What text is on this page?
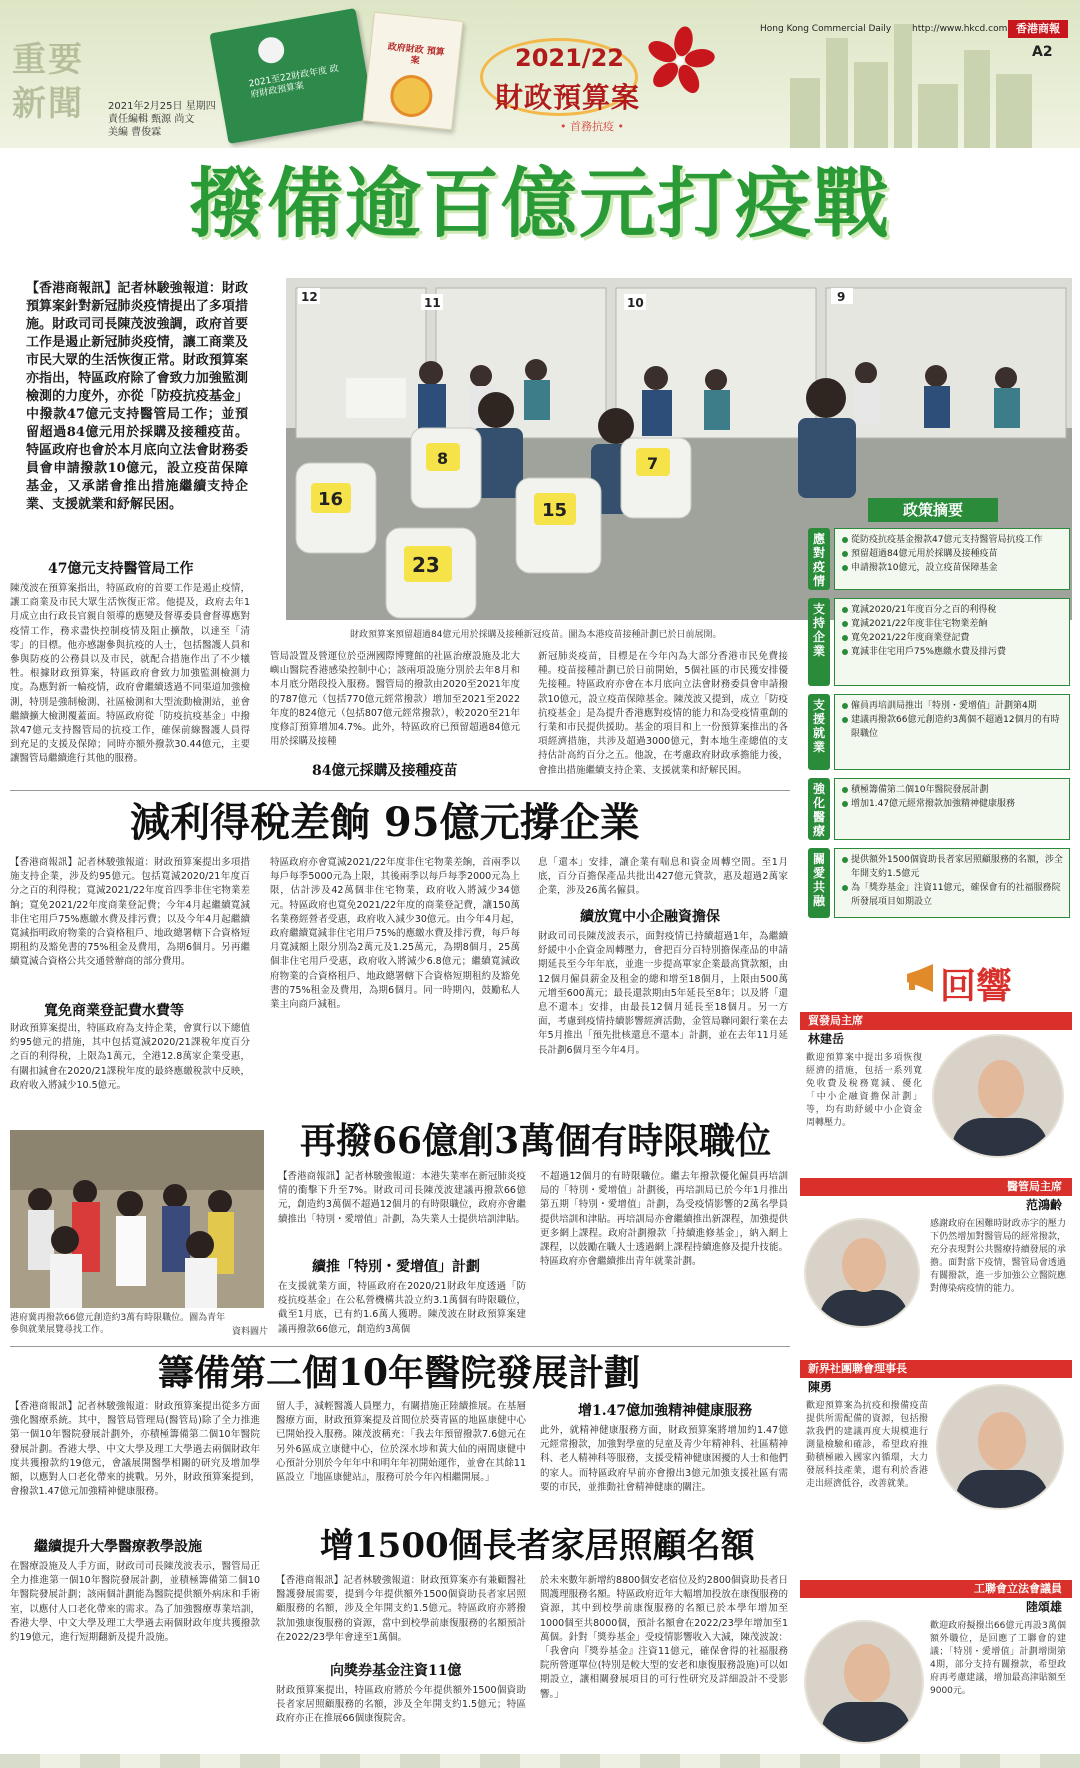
重要新聞	2021年2月25日 星期四
責任編輯 甄源 尚文
美編 曹俊霖
2021至22財政年度 政府財政預算案
政府財政 預算案	2021/22
財政預算案
• 首務抗疫 •
Hong Kong Commercial Daily http://www.hkcd.com 香港商報
A2
撥備逾百億元打疫戰
【香港商報訊】記者林駿強報道：財政預算案針對新冠肺炎疫情提出了多項措施。財政司司長陳茂波強調，政府首要工作是遏止新冠肺炎疫情，讓工商業及市民大眾的生活恢復正常。財政預算案亦指出，特區政府除了會致力加強監測檢測的力度外，亦從「防疫抗疫基金」中撥款47億元支持醫管局工作；並預留超過84億元用於採購及接種疫苗。特區政府也會於本月底向立法會財務委員會申請撥款10億元，設立疫苗保障基金，又承諾會推出措施繼續支持企業、支援就業和紓解民困。
12	11	10	9
16
8
15
7
23
財政預算案預留超過84億元用於採購及接種新冠疫苗。圖為本港疫苗接種計劃已於日前展開。
47億元支持醫管局工作
陳茂波在預算案指出，特區政府的首要工作是遏止疫情，讓工商業及市民大眾生活恢復正常。他提及，政府去年1月成立由行政長官親自領導的應變及督導委員會督導應對疫情工作，務求盡快控制疫情及阻止擴散，以達至「清零」的目標。他亦感謝參與抗疫的人士，包括醫護人員和參與防疫的公務員以及市民，就配合措施作出了不少犧牲。根據財政預算案，特區政府會致力加強監測檢測力度。為應對新一輪疫情，政府會繼續透過不同渠道加強檢測，特別是強制檢測、社區檢測和大型流動檢測站，並會繼續擴大檢測覆蓋面。特區政府從「防疫抗疫基金」中撥款47億元支持醫管局的抗疫工作，確保前線醫護人員得到充足的支援及保障；同時亦額外撥款30.44億元，主要讓醫管局繼續進行其他的服務。
管局設置及營運位於亞洲國際博覽館的社區治療設施及北大嶼山醫院香港感染控制中心；該兩項設施分別於去年8月和本月底分階段投入服務。醫管局的撥款由2020至2021年度的787億元（包括770億元經常撥款）增加至2021至2022年度的824億元（包括807億元經常撥款），較2020至21年度修訂預算增加4.7%。此外，特區政府已預留超過84億元用於採購及接種
84億元採購及接種疫苗
新冠肺炎疫苗，目標是在今年內為大部分香港市民免費接種。疫苗接種計劃已於日前開始，5個社區的市民獲安排優先接種。特區政府亦會在本月底向立法會財務委員會申請撥款10億元，設立疫苗保障基金。陳茂波又提到，成立「防疫抗疫基金」是為提升香港應對疫情的能力和為受疫情重創的行業和市民提供援助。基金的項目和上一份預算案推出的各項經濟措施，共涉及超過3000億元，對本地生產總值的支持估計高約百分之五。他說，在考慮政府財政承擔能力後，會推出措施繼續支持企業、支援就業和紓解民困。
減利得稅差餉 95億元撐企業
【香港商報訊】記者林駿強報道：財政預算案提出多項措施支持企業，涉及約95億元。包括寬減2020/21年度百分之百的利得稅；寬減2021/22年度首四季非住宅物業差餉；寬免2021/22年度商業登記費；今年4月起繼續寬減非住宅用戶75%應繳水費及排污費；以及今年4月起繼續寬減指明政府物業的合資格租戶、地政總署轄下合資格短期租約及豁免書的75%租金及費用，為期6個月。另再繼續寬減合資格公共交通營辦商的部分費用。
寬免商業登記費水費等
財政預算案提出，特區政府為支持企業，會實行以下總值約95億元的措施，其中包括寬減2020/21課稅年度百分之百的利得稅，上限為1萬元，全港12.8萬家企業受惠，有關扣減會在2020/21課稅年度的最終應繳稅款中反映，政府收入將減少10.5億元。
特區政府亦會寬減2021/22年度非住宅物業差餉，首兩季以每戶每季5000元為上限，其後兩季以每戶每季2000元為上限，估計涉及42萬個非住宅物業，政府收入將減少34億元。特區政府也寬免2021/22年度的商業登記費，讓150萬名業務經營者受惠，政府收入減少30億元。由今年4月起，政府繼續寬減非住宅用戶75%的應繳水費及排污費，每戶每月寬減額上限分別為2萬元及1.25萬元，為期8個月，25萬個非住宅用戶受惠，政府收入將減少6.8億元；繼續寬減政府物業的合資格租戶、地政總署轄下合資格短期租約及豁免書的75%租金及費用，為期6個月。同一時期內，鼓勵私人業主向商戶減租。
息「還本」安排，讓企業有喘息和資金周轉空間。至1月底，百分百擔保產品共批出427億元貸款，惠及超過2萬家企業，涉及26萬名僱員。
續放寬中小企融資擔保
財政司司長陳茂波表示，面對疫情已持續超過1年，為繼續紓緩中小企資金周轉壓力，會把百分百特別擔保產品的申請期延長至今年年底，並進一步提高單家企業最高貸款額，由12個月僱員薪金及租金的總和增至18個月，上限由500萬元增至600萬元；最長還款期由5年延長至8年；以及將「還息不還本」安排，由最長12個月延長至18個月。另一方面，考慮到疫情持續影響經濟活動，金管局聯同銀行業在去年5月推出「預先批核還息不還本」計劃，並在去年11月延長計劃6個月至今年4月。
港府冀再撥款66億元創造約3萬有時限職位。圖為青年參與就業展覽尋找工作。	資料圖片
再撥66億創3萬個有時限職位
【香港商報訊】記者林駿強報道：本港失業率在新冠肺炎疫情的衝擊下升至7%。財政司司長陳茂波建議再撥款66億元，創造約3萬個不超過12個月的有時限職位，政府亦會繼續推出「特別・愛增值」計劃，為失業人士提供培訓津貼。
續推「特別・愛增值」計劃
在支援就業方面，特區政府在2020/21財政年度透過「防疫抗疫基金」在公私營機構共設立約3.1萬個有時限職位，截至1月底，已有約1.6萬人獲聘。陳茂波在財政預算案建議再撥款66億元，創造約3萬個
不超過12個月的有時限職位。繼去年撥款優化僱員再培訓局的「特別・愛增值」計劃後，再培訓局已於今年1月推出第五期「特別・愛增值」計劃，為受疫情影響的2萬名學員提供培訓和津貼。再培訓局亦會繼續推出新課程，加強提供更多網上課程。政府計劃撥款「持續進修基金」，納入網上課程，以鼓勵在職人士透過網上課程持續進修及提升技能。特區政府亦會繼續推出青年就業計劃。
籌備第二個10年醫院發展計劃
【香港商報訊】記者林駿強報道：財政預算案提出從多方面強化醫療系統。其中，醫管局管理局(醫管局)除了全力推進第一個10年醫院發展計劃外，亦積極籌備第二個10年醫院發展計劃。香港大學、中文大學及理工大學過去兩個財政年度共獲撥款約19億元，會議展開醫學相關的研究及增加學額，以應對人口老化帶來的挑戰。另外，財政預算案提到，會撥款1.47億元加強精神健康服務。
繼續提升大學醫療教學設施
在醫療設施及人手方面，財政司司長陳茂波表示，醫管局正全力推進第一個10年醫院發展計劃，並積極籌備第二個10年醫院發展計劃；該兩個計劃能為醫院提供額外病床和手術室，以應付人口老化帶來的需求。為了加強醫療專業培訓，香港大學、中文大學及理工大學過去兩個財政年度共獲撥款約19億元，進行短期翻新及提升設施。
留人手，減輕醫護人員壓力，有關措施正陸續推展。在基層醫療方面，財政預算案提及首間位於葵青區的地區康健中心已開始投入服務。陳茂波稱充：「我去年預留撥款7.6億元在另外6區成立康健中心，位於深水埗和黃大仙的兩間康健中心預計分別於今年年中和明年年初開始運作，並會在其餘11區設立『地區康健站』，服務可於今年內相繼開展。」
增1.47億加強精神健康服務
此外，就精神健康服務方面，財政預算案將增加約1.47億元經常撥款，加強對學童的兒童及青少年精神科、社區精神科、老人精神科等服務，支援受精神健康困擾的人士和他們的家人。而特區政府早前亦會撥出3億元加強支援社區有需要的市民，並推動社會精神健康的關注。
增1500個長者家居照顧名額
【香港商報訊】記者林駿強報道：財政預算案亦有兼顧醫社醫護發展需要，提到今年提供額外1500個資助長者家居照顧服務的名額，涉及全年開支約1.5億元。特區政府亦將撥款加強康復服務的資源，當中到校學前康復服務的名額預計在2022/23學年會達至1萬個。
向獎券基金注資11億
財政預算案提出，特區政府將於今年提供額外1500個資助長者家居照顧服務的名額，涉及全年開支約1.5億元；特區政府亦正在推展66個康復院舍。
於未來數年新增約8800個安老宿位及約2800個資助長者日間護理服務名額。特區政府近年大幅增加投放在康復服務的資源，其中到校學前康復服務的名額已於本學年增加至1000個至共8000個，預計名額會在2022/23學年增加至1萬個。針對「獎券基金」受疫情影響收入大減，陳茂波說：「我會向『獎券基金』注資11億元，確保會得的社福服務院所營運單位(特別是較大型的安老和康復服務設施)可以如期設立，讓相關發展項目的可行性研究及詳細設計不受影響。」
政策摘要
應對疫情
從防疫抗疫基金撥款47億元支持醫管局抗疫工作
預留超過84億元用於採購及接種疫苗
申請撥款10億元，設立疫苗保障基金
支持企業
寬減2020/21年度百分之百的利得稅
寬減2021/22年度非住宅物業差餉
寬免2021/22年度商業登記費
寬減非住宅用戶75%應繳水費及排污費
支援就業
僱員再培訓局推出「特別・愛增值」計劃第4期
建議再撥款66億元創造約3萬個不超過12個月的有時限職位
強化醫療
積極籌備第二個10年醫院發展計劃
增加1.47億元經常撥款加強精神健康服務
關愛共融
提供額外1500個資助長者家居照顧服務的名額，涉全年開支約1.5億元
為「獎券基金」注資11億元，確保會有的社福服務院所發展項目如期設立
回響
貿發局主席
林建岳
歡迎預算案中提出多項恢復經濟的措施，包括一系列寬免收費及稅務寬減、優化「中小企融資擔保計劃」等，均有助紓緩中小企資金周轉壓力。
醫管局主席
范鴻齡
感謝政府在困難時財政赤字的壓力下仍然增加對醫管局的經常撥款，充分表現對公共醫療持續發展的承擔。面對當下疫情，醫管局會透過有關撥款，進一步加強公立醫院應對傳染病疫情的能力。
新界社團聯會理事長
陳勇
歡迎預算案為抗疫和撥備疫苗提供所需配備的資源，包括撥款我們的建議再度大規模進行測量檢驗和確診，希望政府推動積極融入國家內循環，大力發展科技產業，還有利於香港走出經濟低谷，改善就業。
工聯會立法會議員
陸頌雄
歡迎政府擬撥出66億元再設3萬個額外職位，是回應了工聯會的建議；「特別・愛增值」計劃增開第4期，部分支持有關撥款，希望政府再考慮建議，增加最高津貼額至9000元。
